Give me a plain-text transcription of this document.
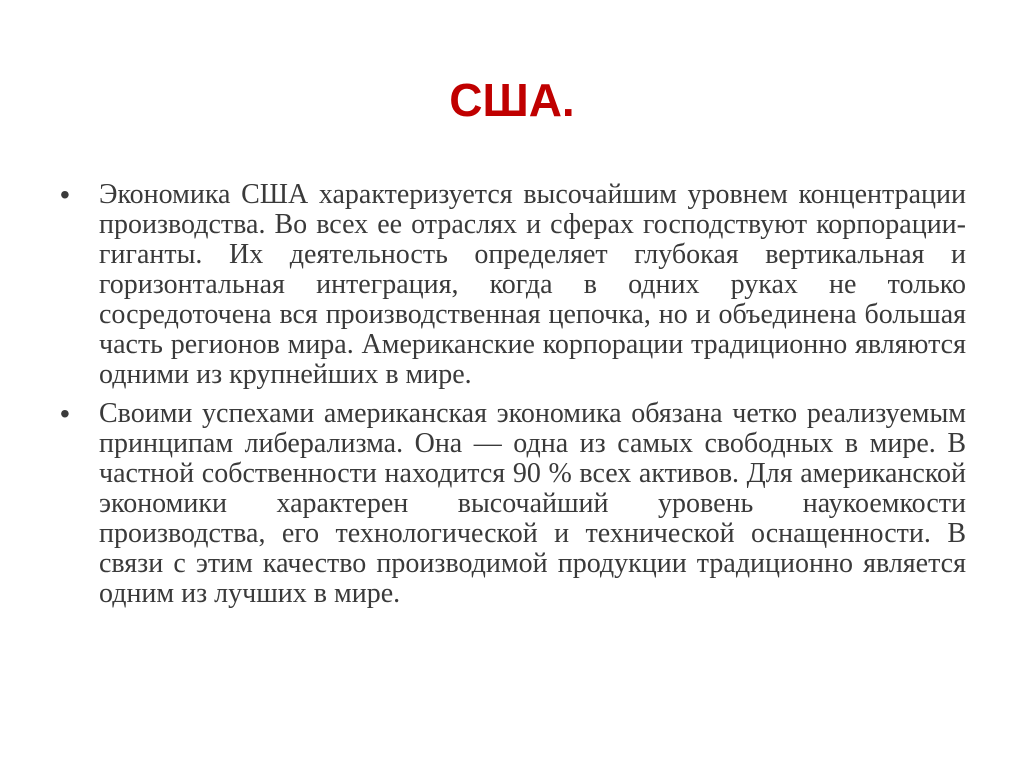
США.
•	Экономика США характеризуется высочайшим уровнем концентрации производства. Во всех ее отраслях и сферах господствуют корпорации-гиганты. Их деятельность определяет глубокая вертикальная и горизонтальная интеграция, когда в одних руках не только сосредоточена вся производственная цепочка, но и объединена большая часть регионов мира. Американские корпорации традиционно являются одними из крупнейших в мире.
•	Своими успехами американская экономика обязана четко реализуемым принципам либерализма. Она — одна из самых свободных в мире. В частной собственности находится 90 % всех активов. Для американской экономики характерен высочайший уровень наукоемкости производства, его технологической и технической оснащенности. В связи с этим качество производимой продукции традиционно является одним из лучших в мире.
